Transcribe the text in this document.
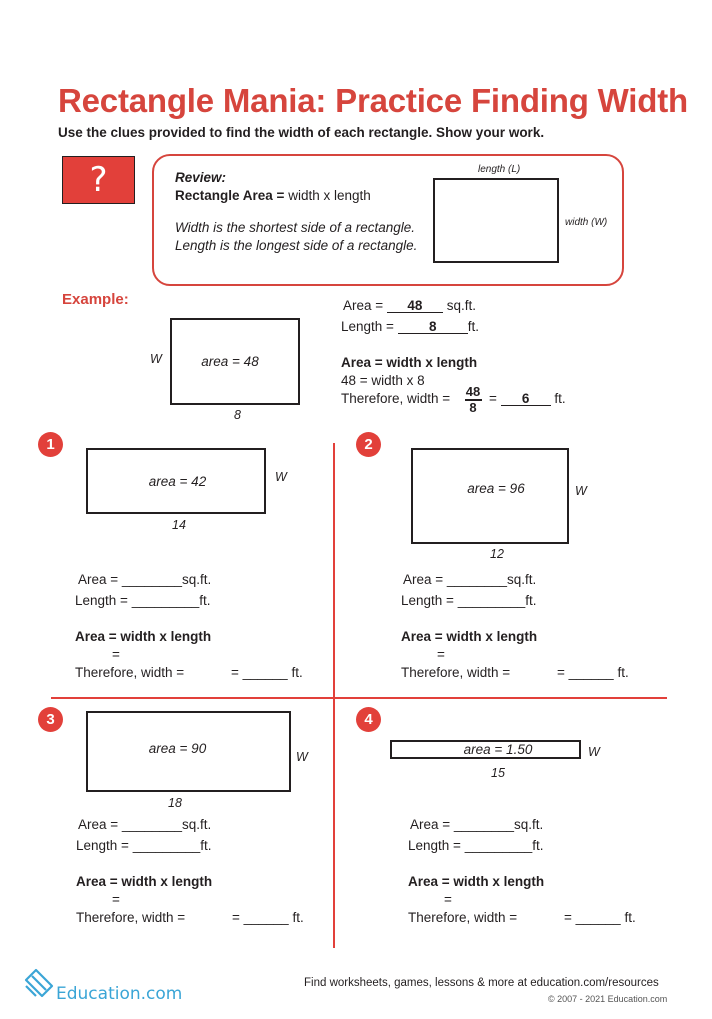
Rectangle Mania: Practice Finding Width
Use the clues provided to find the width of each rectangle. Show your work.
?	Review:
Rectangle Area = width x length
Width is the shortest side of a rectangle.
Length is the longest side of a rectangle.
length (L)
width (W)
Example:
area = 48
W
8
Area = 48 sq.ft.
Length =	8 ft.
Area = width x length
48 = width x 8
Therefore, width = 48
8
= 6 ft.
1
area = 42	W
14
Area = ________sq.ft.
Length = _________ft.
Area = width x length
=
Therefore, width =	= ______ ft.
2
area = 96	W
12
Area = ________sq.ft.
Length = _________ft.
Area = width x length
=
Therefore, width =	= ______ ft.
3
area = 90
W
18
Area = ________sq.ft.
Length = _________ft.
Area = width x length
=
Therefore, width =	= ______ ft.
4
area = 1.50	W
15
Area = ________sq.ft.
Length = _________ft.
Area = width x length
=
Therefore, width =	= ______ ft.
Education.com
Find worksheets, games, lessons & more at education.com/resources
© 2007 - 2021 Education.com
